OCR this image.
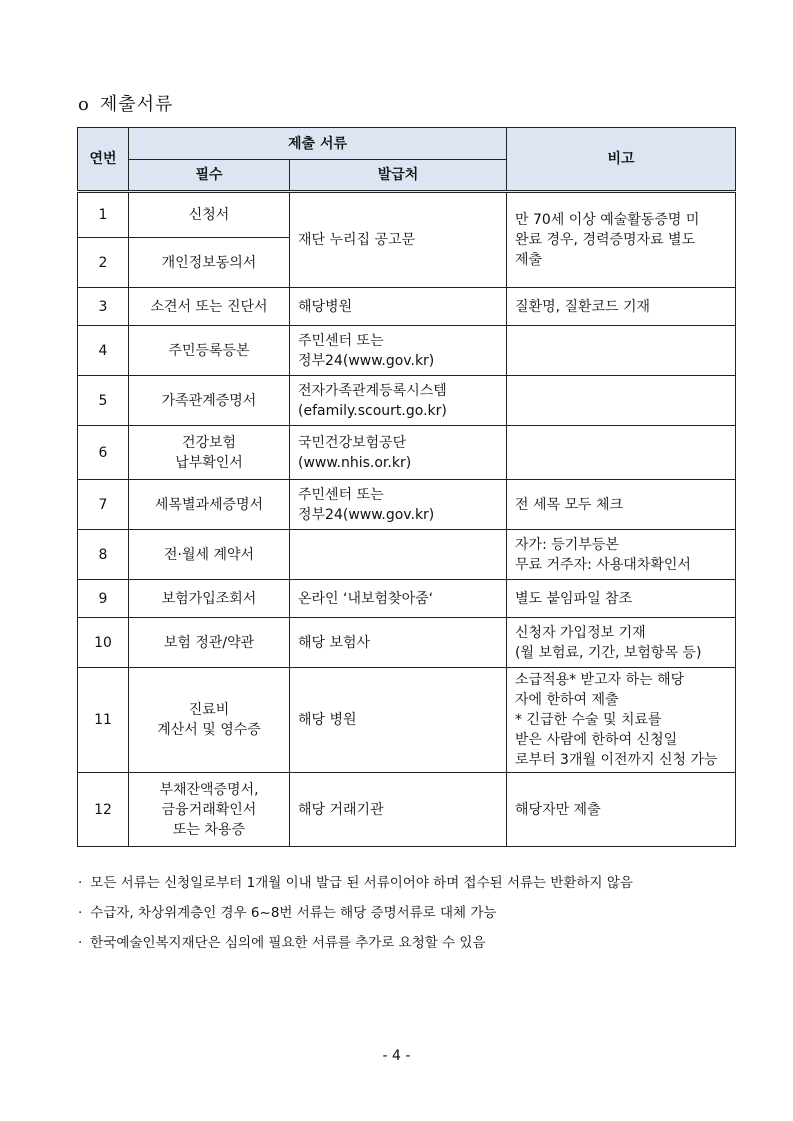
o 제출서류
연번	제출 서류		비고
	필수	발급처	
1	신청서	재단 누리집 공고문	만 70세 이상 예술활동증명 미
완료 경우, 경력증명자료 별도
제출

2	개인정보동의서		

3	소견서 또는 진단서	해당병원	질환명, 질환코드 기재

4	주민등록등본	주민센터 또는
정부24(www.gov.kr)	

5	가족관계증명서	전자가족관계등록시스템
(efamily.scourt.go.kr)	

6	건강보험
납부확인서	국민건강보험공단
(www.nhis.or.kr)	

7	세목별과세증명서	주민센터 또는
정부24(www.gov.kr)	전 세목 모두 체크

8	전·월세 계약서		자가: 등기부등본
무료 거주자: 사용대차확인서

9	보험가입조회서	온라인 ‘내보험찾아줌‘	별도 붙임파일 참조

10	보험 정관/약관	해당 보험사	신청자 가입정보 기재
(월 보험료, 기간, 보험항목 등)

11	진료비
계산서 및 영수증	해당 병원	소급적용* 받고자 하는 해당
자에 한하여 제출
* 긴급한 수술 및 치료를
받은 사람에 한하여 신청일
로부터 3개월 이전까지 신청 가능

12	부채잔액증명서,
금융거래확인서
또는 차용증	해당 거래기관	해당자만 제출
· 모든 서류는 신청일로부터 1개월 이내 발급 된 서류이어야 하며 접수된 서류는 반환하지 않음
· 수급자, 차상위계층인 경우 6~8번 서류는 해당 증명서류로 대체 가능
· 한국예술인복지재단은 심의에 필요한 서류를 추가로 요청할 수 있음
- 4 -
